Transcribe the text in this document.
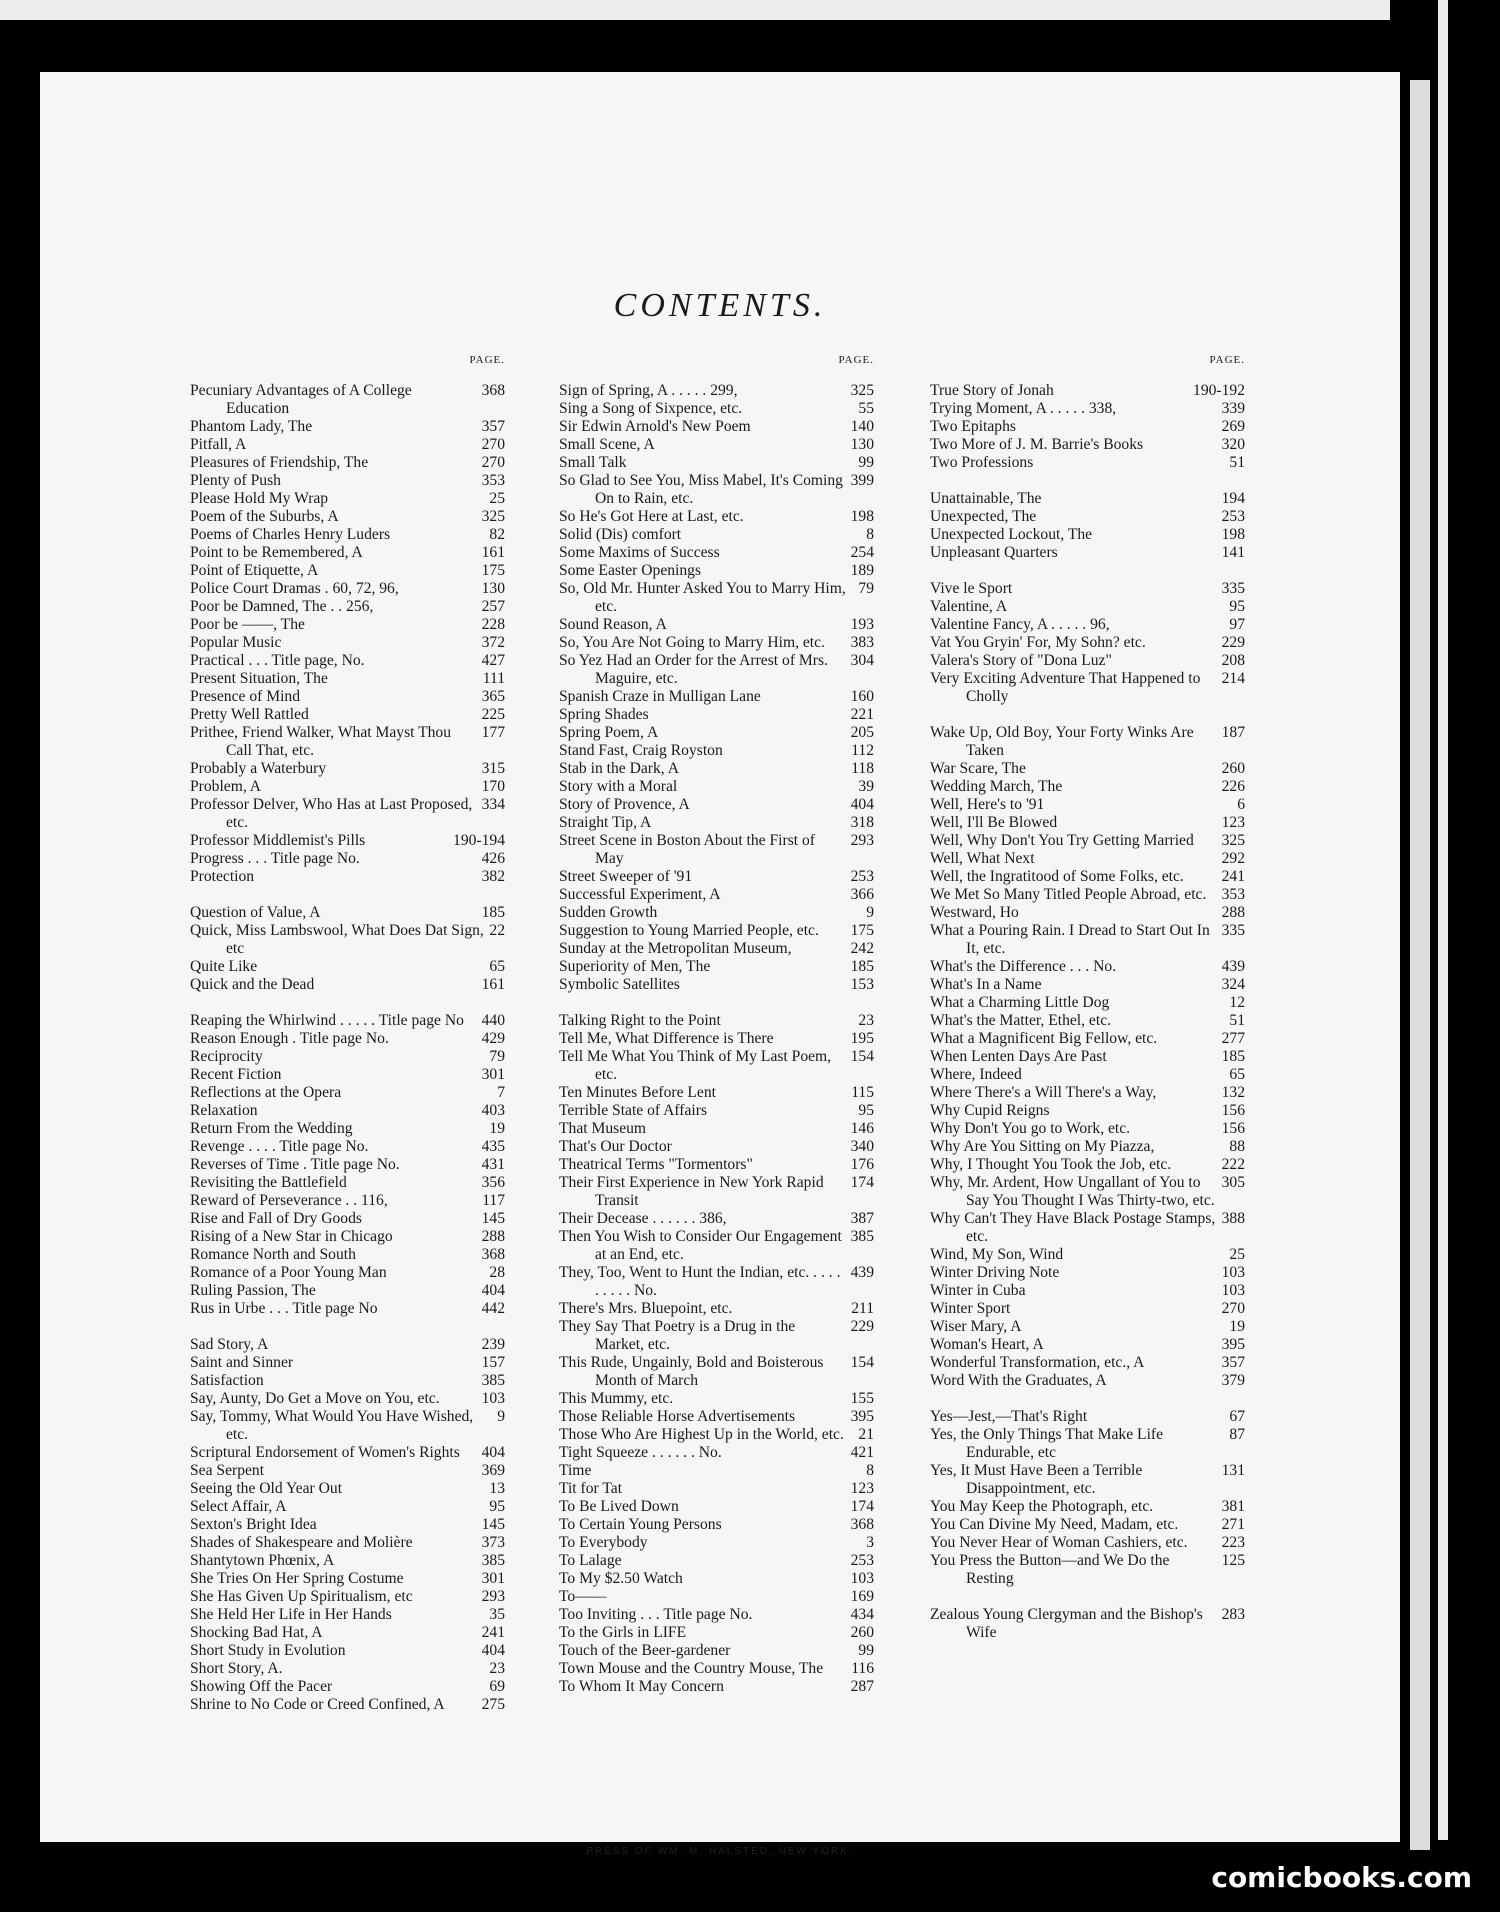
CONTENTS.
PAGE.
368
Pecuniary Advantages of A College Education
357
Phantom Lady, The
270
Pitfall, A
270
Pleasures of Friendship, The
353
Plenty of Push
25
Please Hold My Wrap
325
Poem of the Suburbs, A
82
Poems of Charles Henry Luders
161
Point to be Remembered, A
175
Point of Etiquette, A
130
Police Court Dramas . 60, 72, 96,
257
Poor be Damned, The . . 256,
228
Poor be ——, The
372
Popular Music
427
Practical . . . Title page, No.
111
Present Situation, The
365
Presence of Mind
225
Pretty Well Rattled
177
Prithee, Friend Walker, What Mayst Thou Call That, etc.
315
Probably a Waterbury
170
Problem, A
334
Professor Delver, Who Has at Last Proposed, etc.
190-194
Professor Middlemist's Pills
426
Progress . . . Title page No.
382
Protection
185
Question of Value, A
22
Quick, Miss Lambswool, What Does Dat Sign, etc
65
Quite Like
161
Quick and the Dead
440
Reaping the Whirlwind . . . . . Title page No
429
Reason Enough . Title page No.
79
Reciprocity
301
Recent Fiction
7
Reflections at the Opera
403
Relaxation
19
Return From the Wedding
435
Revenge . . . . Title page No.
431
Reverses of Time . Title page No.
356
Revisiting the Battlefield
117
Reward of Perseverance . . 116,
145
Rise and Fall of Dry Goods
288
Rising of a New Star in Chicago
368
Romance North and South
28
Romance of a Poor Young Man
404
Ruling Passion, The
442
Rus in Urbe . . . Title page No
239
Sad Story, A
157
Saint and Sinner
385
Satisfaction
103
Say, Aunty, Do Get a Move on You, etc.
9
Say, Tommy, What Would You Have Wished, etc.
404
Scriptural Endorsement of Women's Rights
369
Sea Serpent
13
Seeing the Old Year Out
95
Select Affair, A
145
Sexton's Bright Idea
373
Shades of Shakespeare and Molière
385
Shantytown Phœnix, A
301
She Tries On Her Spring Costume
293
She Has Given Up Spiritualism, etc
35
She Held Her Life in Her Hands
241
Shocking Bad Hat, A
404
Short Study in Evolution
23
Short Story, A.
69
Showing Off the Pacer
275
Shrine to No Code or Creed Confined, A
PAGE.
325
Sign of Spring, A . . . . . 299,
55
Sing a Song of Sixpence, etc.
140
Sir Edwin Arnold's New Poem
130
Small Scene, A
99
Small Talk
399
So Glad to See You, Miss Mabel, It's Coming On to Rain, etc.
198
So He's Got Here at Last, etc.
8
Solid (Dis) comfort
254
Some Maxims of Success
189
Some Easter Openings
79
So, Old Mr. Hunter Asked You to Marry Him, etc.
193
Sound Reason, A
383
So, You Are Not Going to Marry Him, etc.
304
So Yez Had an Order for the Arrest of Mrs. Maguire, etc.
160
Spanish Craze in Mulligan Lane
221
Spring Shades
205
Spring Poem, A
112
Stand Fast, Craig Royston
118
Stab in the Dark, A
39
Story with a Moral
404
Story of Provence, A
318
Straight Tip, A
293
Street Scene in Boston About the First of May
253
Street Sweeper of '91
366
Successful Experiment, A
9
Sudden Growth
175
Suggestion to Young Married People, etc.
242
Sunday at the Metropolitan Museum,
185
Superiority of Men, The
153
Symbolic Satellites
23
Talking Right to the Point
195
Tell Me, What Difference is There
154
Tell Me What You Think of My Last Poem, etc.
115
Ten Minutes Before Lent
95
Terrible State of Affairs
146
That Museum
340
That's Our Doctor
176
Theatrical Terms "Tormentors"
174
Their First Experience in New York Rapid Transit
387
Their Decease . . . . . . 386,
385
Then You Wish to Consider Our Engagement at an End, etc.
439
They, Too, Went to Hunt the Indian, etc. . . . . . . . . . No.
211
There's Mrs. Bluepoint, etc.
229
They Say That Poetry is a Drug in the Market, etc.
154
This Rude, Ungainly, Bold and Boisterous Month of March
155
This Mummy, etc.
395
Those Reliable Horse Advertisements
21
Those Who Are Highest Up in the World, etc.
421
Tight Squeeze . . . . . . No.
8
Time
123
Tit for Tat
174
To Be Lived Down
368
To Certain Young Persons
3
To Everybody
253
To Lalage
103
To My $2.50 Watch
169
To——
434
Too Inviting . . . Title page No.
260
To the Girls in LIFE
99
Touch of the Beer-gardener
116
Town Mouse and the Country Mouse, The
287
To Whom It May Concern
PAGE.
190-192
True Story of Jonah
339
Trying Moment, A . . . . . 338,
269
Two Epitaphs
320
Two More of J. M. Barrie's Books
51
Two Professions
194
Unattainable, The
253
Unexpected, The
198
Unexpected Lockout, The
141
Unpleasant Quarters
335
Vive le Sport
95
Valentine, A
97
Valentine Fancy, A . . . . . 96,
229
Vat You Gryin' For, My Sohn? etc.
208
Valera's Story of "Dona Luz"
214
Very Exciting Adventure That Happened to Cholly
187
Wake Up, Old Boy, Your Forty Winks Are Taken
260
War Scare, The
226
Wedding March, The
6
Well, Here's to '91
123
Well, I'll Be Blowed
325
Well, Why Don't You Try Getting Married
292
Well, What Next
241
Well, the Ingratitood of Some Folks, etc.
353
We Met So Many Titled People Abroad, etc.
288
Westward, Ho
335
What a Pouring Rain. I Dread to Start Out In It, etc.
439
What's the Difference . . . No.
324
What's In a Name
12
What a Charming Little Dog
51
What's the Matter, Ethel, etc.
277
What a Magnificent Big Fellow, etc.
185
When Lenten Days Are Past
65
Where, Indeed
132
Where There's a Will There's a Way,
156
Why Cupid Reigns
156
Why Don't You go to Work, etc.
88
Why Are You Sitting on My Piazza,
222
Why, I Thought You Took the Job, etc.
305
Why, Mr. Ardent, How Ungallant of You to Say You Thought I Was Thirty-two, etc.
388
Why Can't They Have Black Postage Stamps, etc.
25
Wind, My Son, Wind
103
Winter Driving Note
103
Winter in Cuba
270
Winter Sport
19
Wiser Mary, A
395
Woman's Heart, A
357
Wonderful Transformation, etc., A
379
Word With the Graduates, A
67
Yes—Jest,—That's Right
87
Yes, the Only Things That Make Life Endurable, etc
131
Yes, It Must Have Been a Terrible Disappointment, etc.
381
You May Keep the Photograph, etc.
271
You Can Divine My Need, Madam, etc.
223
You Never Hear of Woman Cashiers, etc.
125
You Press the Button—and We Do the Resting
283
Zealous Young Clergyman and the Bishop's Wife
PRESS OF WM. M. HALSTED, NEW YORK.
comicbooks.com
